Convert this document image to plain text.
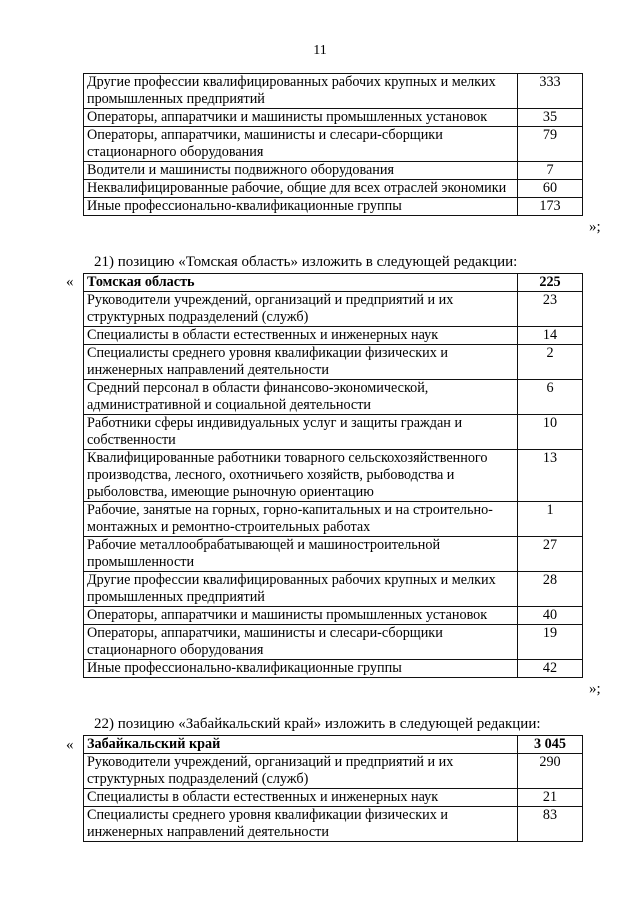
11
Другие профессии квалифицированных рабочих крупных и мелких промышленных предприятий	333
Операторы, аппаратчики и машинисты промышленных установок	35
Операторы, аппаратчики, машинисты и слесари-сборщики стационарного оборудования	79
Водители и машинисты подвижного оборудования	7
Неквалифицированные рабочие, общие для всех отраслей экономики	60
Иные профессионально-квалификационные группы	173
»;
21) позицию «Томская область» изложить в следующей редакции:
« Томская область	225
Руководители учреждений, организаций и предприятий и их структурных подразделений (служб)	23
Специалисты в области естественных и инженерных наук	14
Специалисты среднего уровня квалификации физических и инженерных направлений деятельности	2
Средний персонал в области финансово-экономической, административной и социальной деятельности	6
Работники сферы индивидуальных услуг и защиты граждан и собственности	10
Квалифицированные работники товарного сельскохозяйственного производства, лесного, охотничьего хозяйств, рыбоводства и рыболовства, имеющие рыночную ориентацию	13
Рабочие, занятые на горных, горно-капитальных и на строительно-монтажных и ремонтно-строительных работах	1
Рабочие металлообрабатывающей и машиностроительной промышленности	27
Другие профессии квалифицированных рабочих крупных и мелких промышленных предприятий	28
Операторы, аппаратчики и машинисты промышленных установок	40
Операторы, аппаратчики, машинисты и слесари-сборщики стационарного оборудования	19
Иные профессионально-квалификационные группы	42
»;
22) позицию «Забайкальский край» изложить в следующей редакции:
« Забайкальский край	3 045
Руководители учреждений, организаций и предприятий и их структурных подразделений (служб)	290
Специалисты в области естественных и инженерных наук	21
Специалисты среднего уровня квалификации физических и инженерных направлений деятельности	83
